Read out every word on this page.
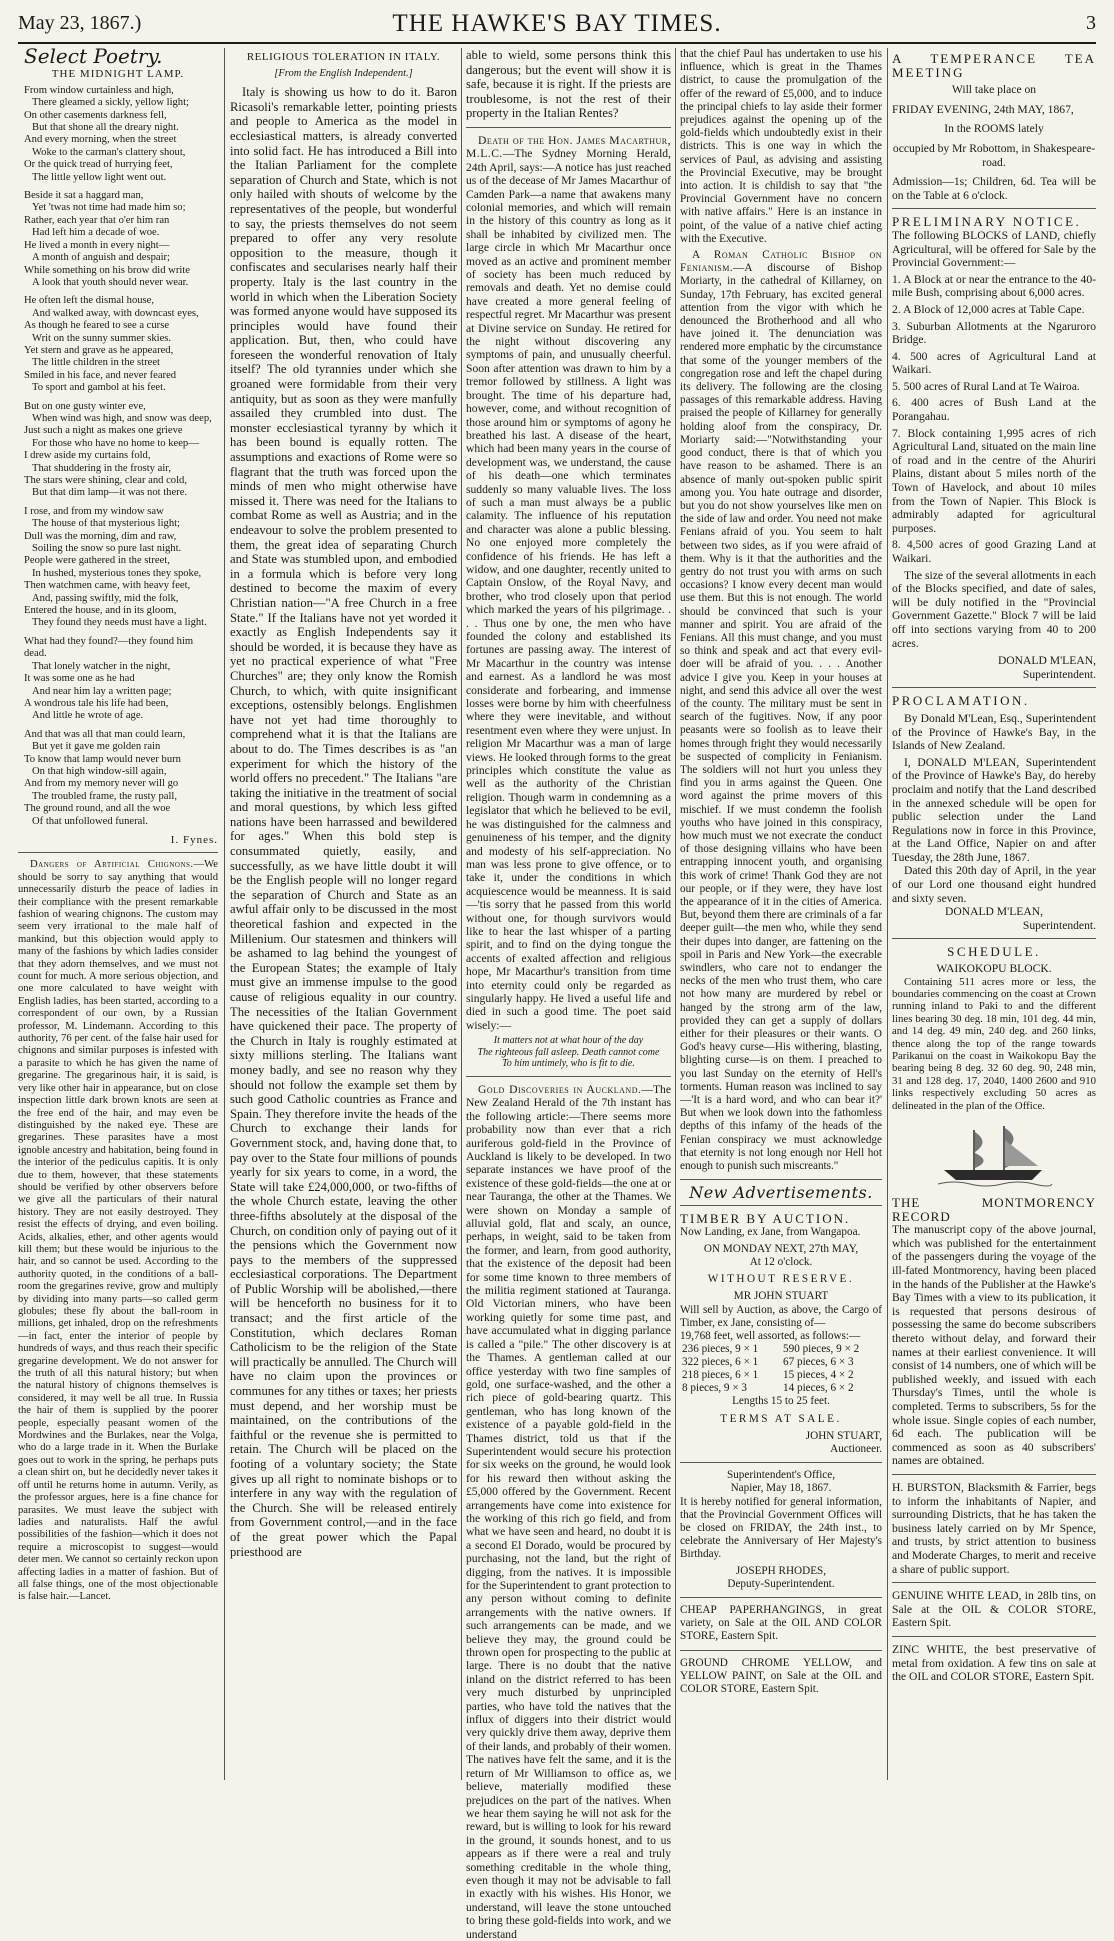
May 23, 1867.)	THE HAWKE'S BAY TIMES.	3
Select Poetry.
THE MIDNIGHT LAMP.
From window curtainless and high,
There gleamed a sickly, yellow light;
On other casements darkness fell,
But that shone all the dreary night.
And every morning, when the street
Woke to the carman's clattery shout,
Or the quick tread of hurrying feet,
The little yellow light went out.
Beside it sat a haggard man,
Yet 'twas not time had made him so;
Rather, each year that o'er him ran
Had left him a decade of woe.
He lived a month in every night—
A month of anguish and despair;
While something on his brow did write
A look that youth should never wear.
He often left the dismal house,
And walked away, with downcast eyes,
As though he feared to see a curse
Writ on the sunny summer skies.
Yet stern and grave as he appeared,
The little children in the street
Smiled in his face, and never feared
To sport and gambol at his feet.
But on one gusty winter eve,
When wind was high, and snow was deep,
Just such a night as makes one grieve
For those who have no home to keep—
I drew aside my curtains fold,
That shuddering in the frosty air,
The stars were shining, clear and cold,
But that dim lamp—it was not there.
I rose, and from my window saw
The house of that mysterious light;
Dull was the morning, dim and raw,
Soiling the snow so pure last night.
People were gathered in the street,
In hushed, mysterious tones they spoke,
Then watchmen came, with heavy feet,
And, passing swiftly, mid the folk,
Entered the house, and in its gloom,
They found they needs must have a light.
What had they found?—they found him dead.
That lonely watcher in the night,
It was some one as he had
And near him lay a written page;
A wondrous tale his life had been,
And little he wrote of age.
And that was all that man could learn,
But yet it gave me golden rain
To know that lamp would never burn
On that high window-sill again,
And from my memory never will go
The troubled frame, the rusty pall,
The ground round, and all the woe
Of that unfollowed funeral.
I. Fynes.
Dangers of Artificial Chignons.—We should be sorry to say anything that would unnecessarily disturb the peace of ladies in their compliance with the present remarkable fashion of wearing chignons. The custom may seem very irrational to the male half of mankind, but this objection would apply to many of the fashions by which ladies consider that they adorn themselves, and we must not count for much. A more serious objection, and one more calculated to have weight with English ladies, has been started, according to a correspondent of our own, by a Russian professor, M. Lindemann. According to this authority, 76 per cent. of the false hair used for chignons and similar purposes is infested with a parasite to which he has given the name of gregarine. The gregarinous hair, it is said, is very like other hair in appearance, but on close inspection little dark brown knots are seen at the free end of the hair, and may even be distinguished by the naked eye. These are gregarines. These parasites have a most ignoble ancestry and habitation, being found in the interior of the pediculus capitis. It is only due to them, however, that these statements should be verified by other observers before we give all the particulars of their natural history. They are not easily destroyed. They resist the effects of drying, and even boiling. Acids, alkalies, ether, and other agents would kill them; but these would be injurious to the hair, and so cannot be used. According to the authority quoted, in the conditions of a ball-room the gregarines revive, grow and multiply by dividing into many parts—so called germ globules; these fly about the ball-room in millions, get inhaled, drop on the refreshments—in fact, enter the interior of people by hundreds of ways, and thus reach their specific gregarine development. We do not answer for the truth of all this natural history; but when the natural history of chignons themselves is considered, it may well be all true. In Russia the hair of them is supplied by the poorer people, especially peasant women of the Mordwines and the Burlakes, near the Volga, who do a large trade in it. When the Burlake goes out to work in the spring, he perhaps puts a clean shirt on, but he decidedly never takes it off until he returns home in autumn. Verily, as the professor argues, here is a fine chance for parasites. We must leave the subject with ladies and naturalists. Half the awful possibilities of the fashion—which it does not require a microscopist to suggest—would deter men. We cannot so certainly reckon upon affecting ladies in a matter of fashion. But of all false things, one of the most objectionable is false hair.—Lancet.
RELIGIOUS TOLERATION IN ITALY.
[From the English Independent.]
Italy is showing us how to do it. Baron Ricasoli's remarkable letter, pointing priests and people to America as the model in ecclesiastical matters, is already converted into solid fact. He has introduced a Bill into the Italian Parliament for the complete separation of Church and State, which is not only hailed with shouts of welcome by the representatives of the people, but wonderful to say, the priests themselves do not seem prepared to offer any very resolute opposition to the measure, though it confiscates and secularises nearly half their property. Italy is the last country in the world in which when the Liberation Society was formed anyone would have supposed its principles would have found their application. But, then, who could have foreseen the wonderful renovation of Italy itself? The old tyrannies under which she groaned were formidable from their very antiquity, but as soon as they were manfully assailed they crumbled into dust. The monster ecclesiastical tyranny by which it has been bound is equally rotten. The assumptions and exactions of Rome were so flagrant that the truth was forced upon the minds of men who might otherwise have missed it. There was need for the Italians to combat Rome as well as Austria; and in the endeavour to solve the problem presented to them, the great idea of separating Church and State was stumbled upon, and embodied in a formula which is before very long destined to become the maxim of every Christian nation—"A free Church in a free State." If the Italians have not yet worded it exactly as English Independents say it should be worded, it is because they have as yet no practical experience of what "Free Churches" are; they only know the Romish Church, to which, with quite insignificant exceptions, ostensibly belongs. Englishmen have not yet had time thoroughly to comprehend what it is that the Italians are about to do. The Times describes is as "an experiment for which the history of the world offers no precedent." The Italians "are taking the initiative in the treatment of social and moral questions, by which less gifted nations have been harrassed and bewildered for ages." When this bold step is consummated quietly, easily, and successfully, as we have little doubt it will be the English people will no longer regard the separation of Church and State as an awful affair only to be discussed in the most theoretical fashion and expected in the Millenium. Our statesmen and thinkers will be ashamed to lag behind the youngest of the European States; the example of Italy must give an immense impulse to the good cause of religious equality in our country. The necessities of the Italian Government have quickened their pace. The property of the Church in Italy is roughly estimated at sixty millions sterling. The Italians want money badly, and see no reason why they should not follow the example set them by such good Catholic countries as France and Spain. They therefore invite the heads of the Church to exchange their lands for Government stock, and, having done that, to pay over to the State four millions of pounds yearly for six years to come, in a word, the State will take £24,000,000, or two-fifths of the whole Church estate, leaving the other three-fifths absolutely at the disposal of the Church, on condition only of paying out of it the pensions which the Government now pays to the members of the suppressed ecclesiastical corporations. The Department of Public Worship will be abolished,—there will be henceforth no business for it to transact; and the first article of the Constitution, which declares Roman Catholicism to be the religion of the State will practically be annulled. The Church will have no claim upon the provinces or communes for any tithes or taxes; her priests must depend, and her worship must be maintained, on the contributions of the faithful or the revenue she is permitted to retain. The Church will be placed on the footing of a voluntary society; the State gives up all right to nominate bishops or to interfere in any way with the regulation of the Church. She will be released entirely from Government control,—and in the face of the great power which the Papal priesthood are
able to wield, some persons think this dangerous; but the event will show it is safe, because it is right. If the priests are troublesome, is not the rest of their property in the Italian Rentes?
Death of the Hon. James Macarthur, M.L.C.—The Sydney Morning Herald, 24th April, says:—A notice has just reached us of the decease of Mr James Macarthur of Camden Park—a name that awakens many colonial memories, and which will remain in the history of this country as long as it shall be inhabited by civilized men. The large circle in which Mr Macarthur once moved as an active and prominent member of society has been much reduced by removals and death. Yet no demise could have created a more general feeling of respectful regret. Mr Macarthur was present at Divine service on Sunday. He retired for the night without discovering any symptoms of pain, and unusually cheerful. Soon after attention was drawn to him by a tremor followed by stillness. A light was brought. The time of his departure had, however, come, and without recognition of those around him or symptoms of agony he breathed his last. A disease of the heart, which had been many years in the course of development was, we understand, the cause of his death—one which terminates suddenly so many valuable lives. The loss of such a man must always be a public calamity. The influence of his reputation and character was alone a public blessing. No one enjoyed more completely the confidence of his friends. He has left a widow, and one daughter, recently united to Captain Onslow, of the Royal Navy, and brother, who trod closely upon that period which marked the years of his pilgrimage. . . . Thus one by one, the men who have founded the colony and established its fortunes are passing away. The interest of Mr Macarthur in the country was intense and earnest. As a landlord he was most considerate and forbearing, and immense losses were borne by him with cheerfulness where they were inevitable, and without resentment even where they were unjust. In religion Mr Macarthur was a man of large views. He looked through forms to the great principles which constitute the value as well as the authority of the Christian religion. Though warm in condemning as a legislator that which he believed to be evil, he was distinguished for the calmness and genuineness of his temper, and the dignity and modesty of his self-appreciation. No man was less prone to give offence, or to take it, under the conditions in which acquiescence would be meanness. It is said—'tis sorry that he passed from this world without one, for though survivors would like to hear the last whisper of a parting spirit, and to find on the dying tongue the accents of exalted affection and religious hope, Mr Macarthur's transition from time into eternity could only be regarded as singularly happy. He lived a useful life and died in such a good time. The poet said wisely:—
It matters not at what hour of the day
The righteous fall asleep. Death cannot come
To him untimely, who is fit to die.
Gold Discoveries in Auckland.—The New Zealand Herald of the 7th instant has the following article:—There seems more probability now than ever that a rich auriferous gold-field in the Province of Auckland is likely to be developed. In two separate instances we have proof of the existence of these gold-fields—the one at or near Tauranga, the other at the Thames. We were shown on Monday a sample of alluvial gold, flat and scaly, an ounce, perhaps, in weight, said to be taken from the former, and learn, from good authority, that the existence of the deposit had been for some time known to three members of the militia regiment stationed at Tauranga. Old Victorian miners, who have been working quietly for some time past, and have accumulated what in digging parlance is called a "pile." The other discovery is at the Thames. A gentleman called at our office yesterday with two fine samples of gold, one surface-washed, and the other a rich piece of gold-bearing quartz. This gentleman, who has long known of the existence of a payable gold-field in the Thames district, told us that if the Superintendent would secure his protection for six weeks on the ground, he would look for his reward then without asking the £5,000 offered by the Government. Recent arrangements have come into existence for the working of this rich go field, and from what we have seen and heard, no doubt it is a second El Dorado, would be procured by purchasing, not the land, but the right of digging, from the natives. It is impossible for the Superintendent to grant protection to any person without coming to definite arrangements with the native owners. If such arrangements can be made, and we believe they may, the ground could be thrown open for prospecting to the public at large. There is no doubt that the native inland on the district referred to has been very much disturbed by unprincipled parties, who have told the natives that the influx of diggers into their district would very quickly drive them away, deprive them of their lands, and probably of their women. The natives have felt the same, and it is the return of Mr Williamson to office as, we believe, materially modified these prejudices on the part of the natives. When we hear them saying he will not ask for the reward, but is willing to look for his reward in the ground, it sounds honest, and to us appears as if there were a real and truly something creditable in the whole thing, even though it may not be advisable to fall in exactly with his wishes. His Honor, we understand, will leave the stone untouched to bring these gold-fields into work, and we understand
that the chief Paul has undertaken to use his influence, which is great in the Thames district, to cause the promulgation of the offer of the reward of £5,000, and to induce the principal chiefs to lay aside their former prejudices against the opening up of the gold-fields which undoubtedly exist in their districts. This is one way in which the services of Paul, as advising and assisting the Provincial Executive, may be brought into action. It is childish to say that "the Provincial Government have no concern with native affairs." Here is an instance in point, of the value of a native chief acting with the Executive.
A Roman Catholic Bishop on Fenianism.—A discourse of Bishop Moriarty, in the cathedral of Killarney, on Sunday, 17th February, has excited general attention from the vigor with which he denounced the Brotherhood and all who have joined it. The denunciation was rendered more emphatic by the circumstance that some of the younger members of the congregation rose and left the chapel during its delivery. The following are the closing passages of this remarkable address. Having praised the people of Killarney for generally holding aloof from the conspiracy, Dr. Moriarty said:—"Notwithstanding your good conduct, there is that of which you have reason to be ashamed. There is an absence of manly out-spoken public spirit among you. You hate outrage and disorder, but you do not show yourselves like men on the side of law and order. You need not make Fenians afraid of you. You seem to halt between two sides, as if you were afraid of them. Why is it that the authorities and the gentry do not trust you with arms on such occasions? I know every decent man would use them. But this is not enough. The world should be convinced that such is your manner and spirit. You are afraid of the Fenians. All this must change, and you must so think and speak and act that every evil-doer will be afraid of you. . . . Another advice I give you. Keep in your houses at night, and send this advice all over the west of the county. The military must be sent in search of the fugitives. Now, if any poor peasants were so foolish as to leave their homes through fright they would necessarily be suspected of complicity in Fenianism. The soldiers will not hurt you unless they find you in arms against the Queen. One word against the prime movers of this mischief. If we must condemn the foolish youths who have joined in this conspiracy, how much must we not execrate the conduct of those designing villains who have been entrapping innocent youth, and organising this work of crime! Thank God they are not our people, or if they were, they have lost the appearance of it in the cities of America. But, beyond them there are criminals of a far deeper guilt—the men who, while they send their dupes into danger, are fattening on the spoil in Paris and New York—the execrable swindlers, who care not to endanger the necks of the men who trust them, who care not how many are murdered by rebel or hanged by the strong arm of the law, provided they can get a supply of dollars either for their pleasures or their wants. O God's heavy curse—His withering, blasting, blighting curse—is on them. I preached to you last Sunday on the eternity of Hell's torments. Human reason was inclined to say—'It is a hard word, and who can bear it?' But when we look down into the fathomless depths of this infamy of the heads of the Fenian conspiracy we must acknowledge that eternity is not long enough nor Hell hot enough to punish such miscreants."
New Advertisements.
TIMBER BY AUCTION.
Now Landing, ex Jane, from Wangapoa.
ON MONDAY NEXT, 27th MAY,
At 12 o'clock.
WITHOUT RESERVE.
MR JOHN STUART
Will sell by Auction, as above, the Cargo of Timber, ex Jane, consisting of—
19,768 feet, well assorted, as follows:—
236 pieces, 9 × 1	590 pieces, 9 × 2
322 pieces, 6 × 1	67 pieces, 6 × 3
218 pieces, 6 × 1	15 pieces, 4 × 2
8 pieces, 9 × 3	14 pieces, 6 × 2
Lengths 15 to 25 feet.
TERMS AT SALE.
JOHN STUART,
Auctioneer.
Superintendent's Office,
Napier, May 18, 1867.
It is hereby notified for general information, that the Provincial Government Offices will be closed on FRIDAY, the 24th inst., to celebrate the Anniversary of Her Majesty's Birthday.
JOSEPH RHODES,
Deputy-Superintendent.
CHEAP PAPERHANGINGS, in great variety, on Sale at the OIL AND COLOR STORE, Eastern Spit.
GROUND CHROME YELLOW, and YELLOW PAINT, on Sale at the OIL and COLOR STORE, Eastern Spit.
A TEMPERANCE TEA MEETING
Will take place on
FRIDAY EVENING, 24th MAY, 1867,
In the ROOMS lately
occupied by Mr Robottom, in Shakespeare-road.
Admission—1s; Children, 6d. Tea will be on the Table at 6 o'clock.
PRELIMINARY NOTICE.
The following BLOCKS of LAND, chiefly Agricultural, will be offered for Sale by the Provincial Government:—
1. A Block at or near the entrance to the 40-mile Bush, comprising about 6,000 acres.
2. A Block of 12,000 acres at Table Cape.
3. Suburban Allotments at the Ngaruroro Bridge.
4. 500 acres of Agricultural Land at Waikari.
5. 500 acres of Rural Land at Te Wairoa.
6. 400 acres of Bush Land at the Porangahau.
7. Block containing 1,995 acres of rich Agricultural Land, situated on the main line of road and in the centre of the Ahuriri Plains, distant about 5 miles north of the Town of Havelock, and about 10 miles from the Town of Napier. This Block is admirably adapted for agricultural purposes.
8. 4,500 acres of good Grazing Land at Waikari.
The size of the several allotments in each of the Blocks specified, and date of sales, will be duly notified in the "Provincial Government Gazette." Block 7 will be laid off into sections varying from 40 to 200 acres.
DONALD M'LEAN,
Superintendent.
PROCLAMATION.
By Donald M'Lean, Esq., Superintendent of the Province of Hawke's Bay, in the Islands of New Zealand.
I, DONALD M'LEAN, Superintendent of the Province of Hawke's Bay, do hereby proclaim and notify that the Land described in the annexed schedule will be open for public selection under the Land Regulations now in force in this Province, at the Land Office, Napier on and after Tuesday, the 28th June, 1867.
Dated this 20th day of April, in the year of our Lord one thousand eight hundred and sixty seven.
DONALD M'LEAN,
Superintendent.
SCHEDULE.
WAIKOKOPU BLOCK.
Containing 511 acres more or less, the boundaries commencing on the coast at Crown running inland to Paki to and the different lines bearing 30 deg. 18 min, 101 deg. 44 min, and 14 deg. 49 min, 240 deg. and 260 links, thence along the top of the range towards Parikanui on the coast in Waikokopu Bay the bearing being 8 deg. 32 60 deg. 90, 248 min, 31 and 128 deg. 17, 2040, 1400 2600 and 910 links respectively excluding 50 acres as delineated in the plan of the Office.
THE MONTMORENCY RECORD
The manuscript copy of the above journal, which was published for the entertainment of the passengers during the voyage of the ill-fated Montmorency, having been placed in the hands of the Publisher at the Hawke's Bay Times with a view to its publication, it is requested that persons desirous of possessing the same do become subscribers thereto without delay, and forward their names at their earliest convenience. It will consist of 14 numbers, one of which will be published weekly, and issued with each Thursday's Times, until the whole is completed. Terms to subscribers, 5s for the whole issue. Single copies of each number, 6d each. The publication will be commenced as soon as 40 subscribers' names are obtained.
H. BURSTON, Blacksmith & Farrier, begs to inform the inhabitants of Napier, and surrounding Districts, that he has taken the business lately carried on by Mr Spence, and trusts, by strict attention to business and Moderate Charges, to merit and receive a share of public support.
GENUINE WHITE LEAD, in 28lb tins, on Sale at the OIL & COLOR STORE, Eastern Spit.
ZINC WHITE, the best preservative of metal from oxidation. A few tins on sale at the OIL and COLOR STORE, Eastern Spit.
